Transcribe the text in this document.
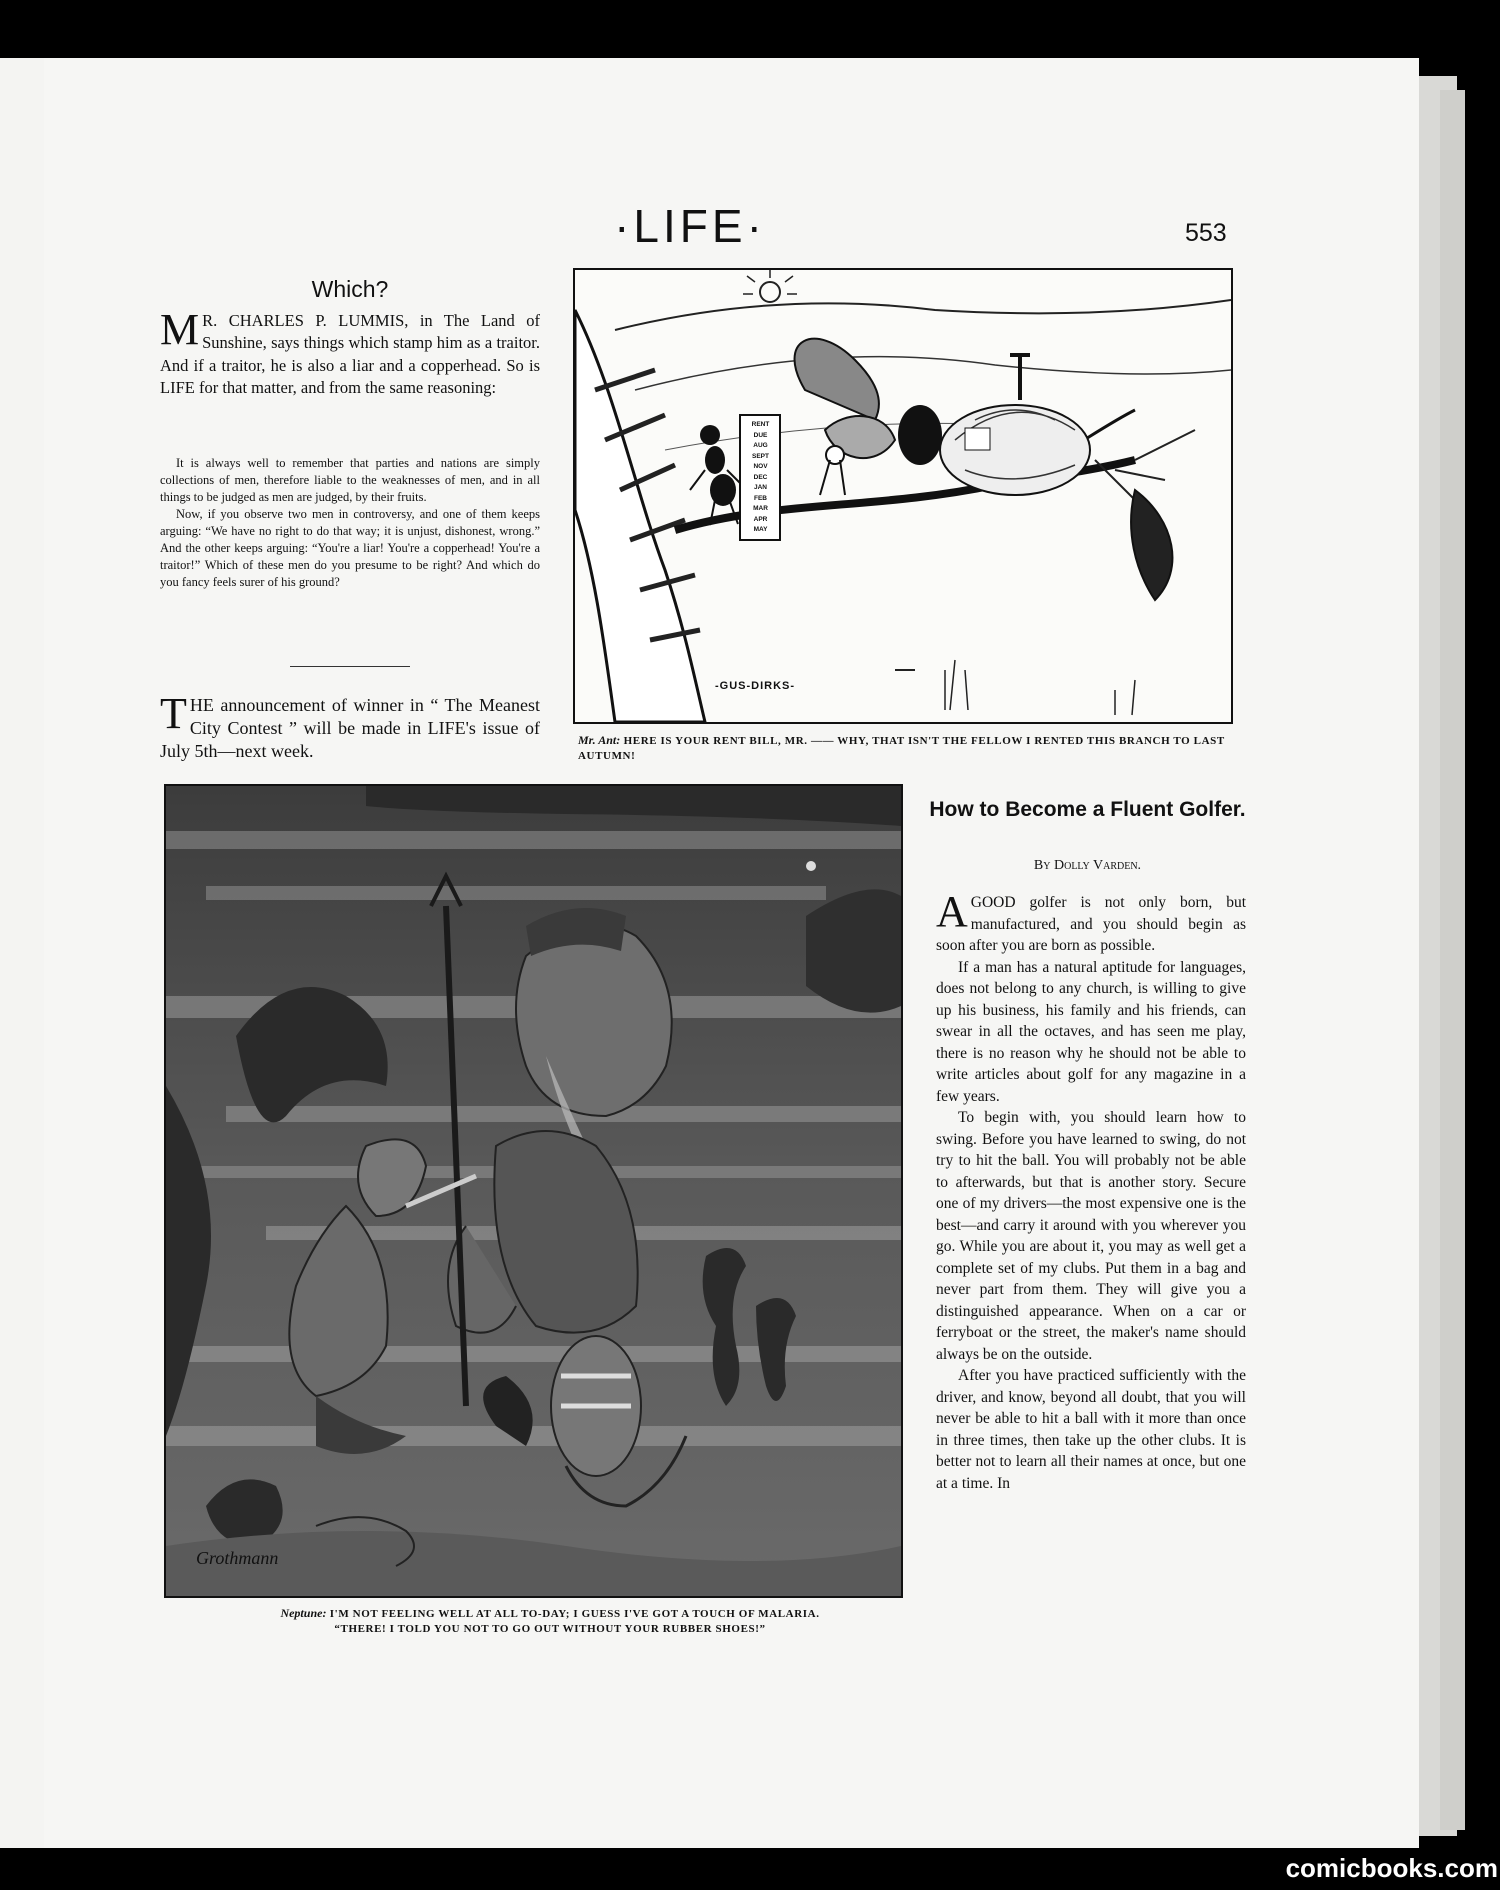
·LIFE·	553
Which?
M R. CHARLES P. LUMMIS, in The Land of Sunshine, says things which stamp him as a traitor. And if a traitor, he is also a liar and a copperhead. So is LIFE for that matter, and from the same reasoning:

It is always well to remember that parties and nations are simply collections of men, therefore liable to the weaknesses of men, and in all things to be judged as men are judged, by their fruits.

Now, if you observe two men in controversy, and one of them keeps arguing: “We have no right to do that way; it is unjust, dishonest, wrong.” And the other keeps arguing: “You're a liar! You're a copperhead! You're a traitor!” Which of these men do you presume to be right? And which do you fancy feels surer of his ground?

T HE announcement of winner in “ The Meanest City Contest ” will be made in LIFE's issue of July 5th—next week.
RENT
DUE
AUG
SEPT
NOV
DEC
JAN
FEB
MAR
APR
MAY
-GUS-DIRKS-
Mr. Ant: HERE IS YOUR RENT BILL, MR. —— WHY, THAT ISN'T THE FELLOW I RENTED THIS BRANCH TO LAST AUTUMN!
Grothmann
Neptune: I'M NOT FEELING WELL AT ALL TO-DAY; I GUESS I'VE GOT A TOUCH OF MALARIA.
“THERE! I TOLD YOU NOT TO GO OUT WITHOUT YOUR RUBBER SHOES!”
How to Become a Fluent Golfer.
By Dolly Varden.

A GOOD golfer is not only born, but manufactured, and you should begin as soon after you are born as possible.

If a man has a natural aptitude for languages, does not belong to any church, is willing to give up his business, his family and his friends, can swear in all the octaves, and has seen me play, there is no reason why he should not be able to write articles about golf for any magazine in a few years.

To begin with, you should learn how to swing. Before you have learned to swing, do not try to hit the ball. You will probably not be able to afterwards, but that is another story. Secure one of my drivers—the most expensive one is the best—and carry it around with you wherever you go. While you are about it, you may as well get a complete set of my clubs. Put them in a bag and never part from them. They will give you a distinguished appearance. When on a car or ferryboat or the street, the maker's name should always be on the outside.

After you have practiced sufficiently with the driver, and know, beyond all doubt, that you will never be able to hit a ball with it more than once in three times, then take up the other clubs. It is better not to learn all their names at once, but one at a time. In

comicbooks.com
